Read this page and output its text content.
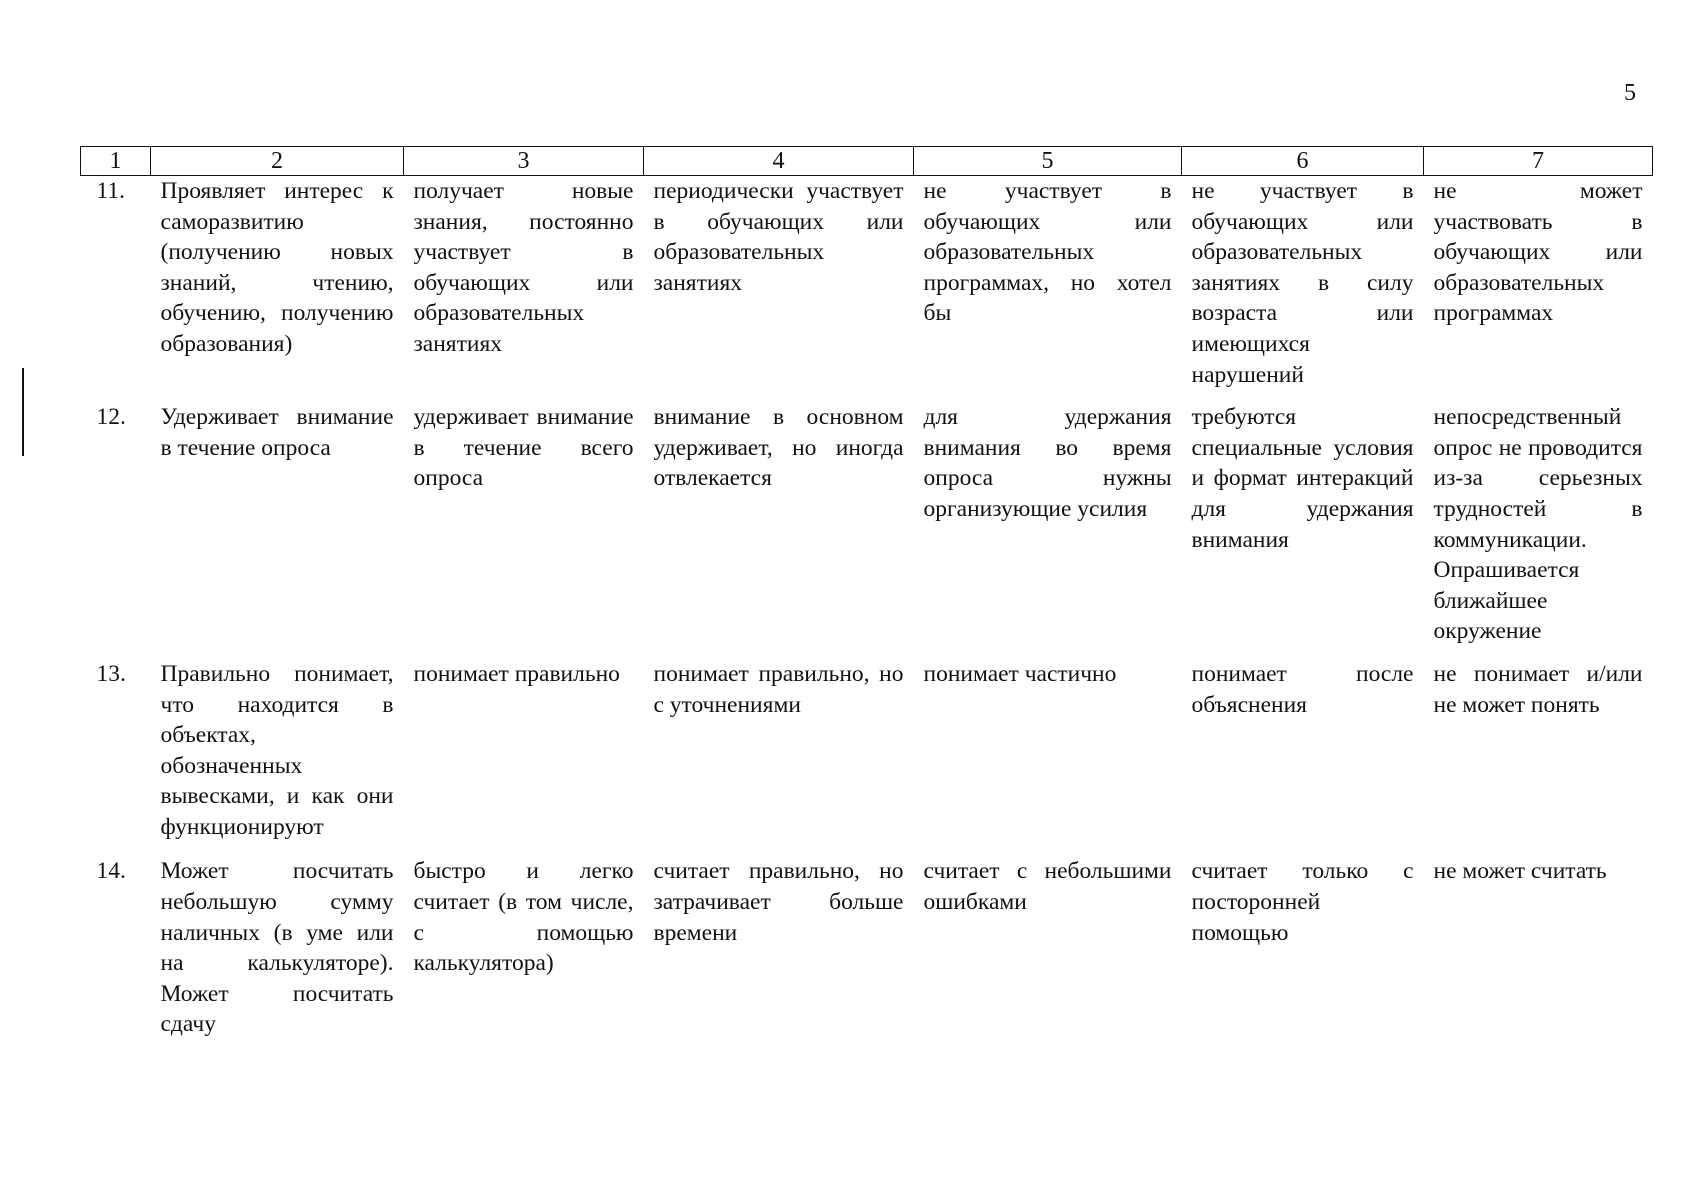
5
1	2	3	4	5	6	7
11.	Проявляет интерес к саморазвитию (получению новых знаний, чтению, обучению, получению образования)	получает новые знания, постоянно участвует в обучающих или образовательных занятиях	периодически участвует в обучающих или образовательных занятиях	не участвует в обучающих или образовательных программах, но хотел бы	не участвует в обучающих или образовательных занятиях в силу возраста или имеющихся нарушений	не может участвовать в обучающих или образовательных программах
12.	Удерживает внимание в течение опроса	удерживает внимание в течение всего опроса	внимание в основном удерживает, но иногда отвлекается	для удержания внимания во время опроса нужны организующие усилия	требуются специальные условия и формат интеракций для удержания внимания	непосредственный опрос не проводится из-за серьезных трудностей в коммуникации. Опрашивается ближайшее окружение
13.	Правильно понимает, что находится в объектах, обозначенных вывесками, и как они функционируют	понимает правильно	понимает правильно, но с уточнениями	понимает частично	понимает после объяснения	не понимает и/или не может понять
14.	Может посчитать небольшую сумму наличных (в уме или на калькуляторе). Может посчитать сдачу	быстро и легко считает (в том числе, с помощью калькулятора)	считает правильно, но затрачивает больше времени	считает с небольшими ошибками	считает только с посторонней помощью	не может считать
